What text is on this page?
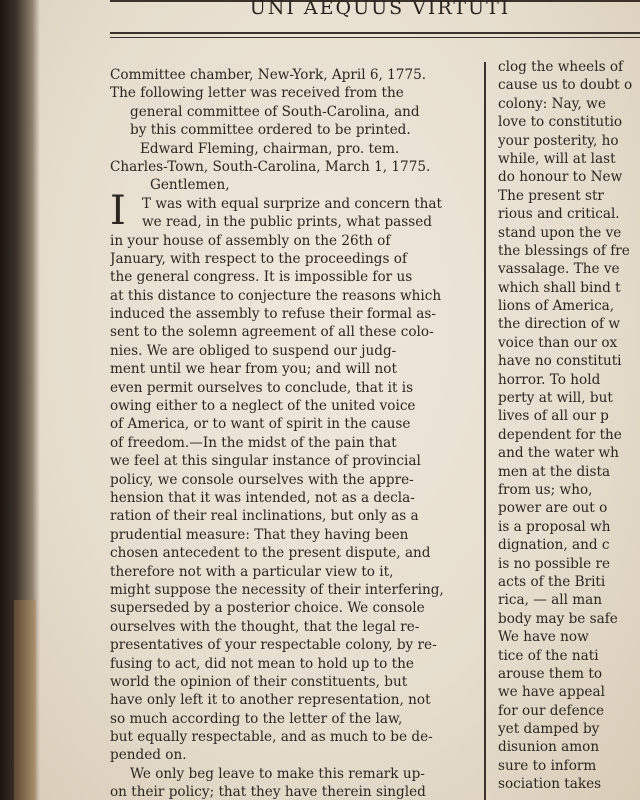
UNI AEQUUS VIRTUTI
Committee chamber, New-York, April 6, 1775.
The following letter was received from the
general committee of South-Carolina, and
by this committee ordered to be printed.
Edward Fleming, chairman, pro. tem.
Charles-Town, South-Carolina, March 1, 1775.
Gentlemen,
I	T was with equal surprize and concern that
we read, in the public prints, what passed
in your house of assembly on the 26th of
January, with respect to the proceedings of
the general congress. It is impossible for us
at this distance to conjecture the reasons which
induced the assembly to refuse their formal as-
sent to the solemn agreement of all these colo-
nies. We are obliged to suspend our judg-
ment until we hear from you; and will not
even permit ourselves to conclude, that it is
owing either to a neglect of the united voice
of America, or to want of spirit in the cause
of freedom.—In the midst of the pain that
we feel at this singular instance of provincial
policy, we console ourselves with the appre-
hension that it was intended, not as a decla-
ration of their real inclinations, but only as a
prudential measure: That they having been
chosen antecedent to the present dispute, and
therefore not with a particular view to it,
might suppose the necessity of their interfering,
superseded by a posterior choice. We console
ourselves with the thought, that the legal re-
presentatives of your respectable colony, by re-
fusing to act, did not mean to hold up to the
world the opinion of their constituents, but
have only left it to another representation, not
so much according to the letter of the law,
but equally respectable, and as much to be de-
pended on.
We only beg leave to make this remark up-
on their policy; that they have therein singled
clog the wheels of
cause us to doubt o
colony: Nay, we
love to constitutio
your posterity, ho
while, will at last
do honour to New
The present str
rious and critical.
stand upon the ve
the blessings of fre
vassalage. The ve
which shall bind t
lions of America,
the direction of w
voice than our ox
have no constituti
horror. To hold
perty at will, but
lives of all our p
dependent for the
and the water wh
men at the dista
from us; who,
power are out o
is a proposal wh
dignation, and c
is no possible re
acts of the Briti
rica, — all man
body may be safe
We have now
tice of the nati
arouse them to
we have appeal
for our defence
yet damped by
disunion amon
sure to inform
sociation takes
